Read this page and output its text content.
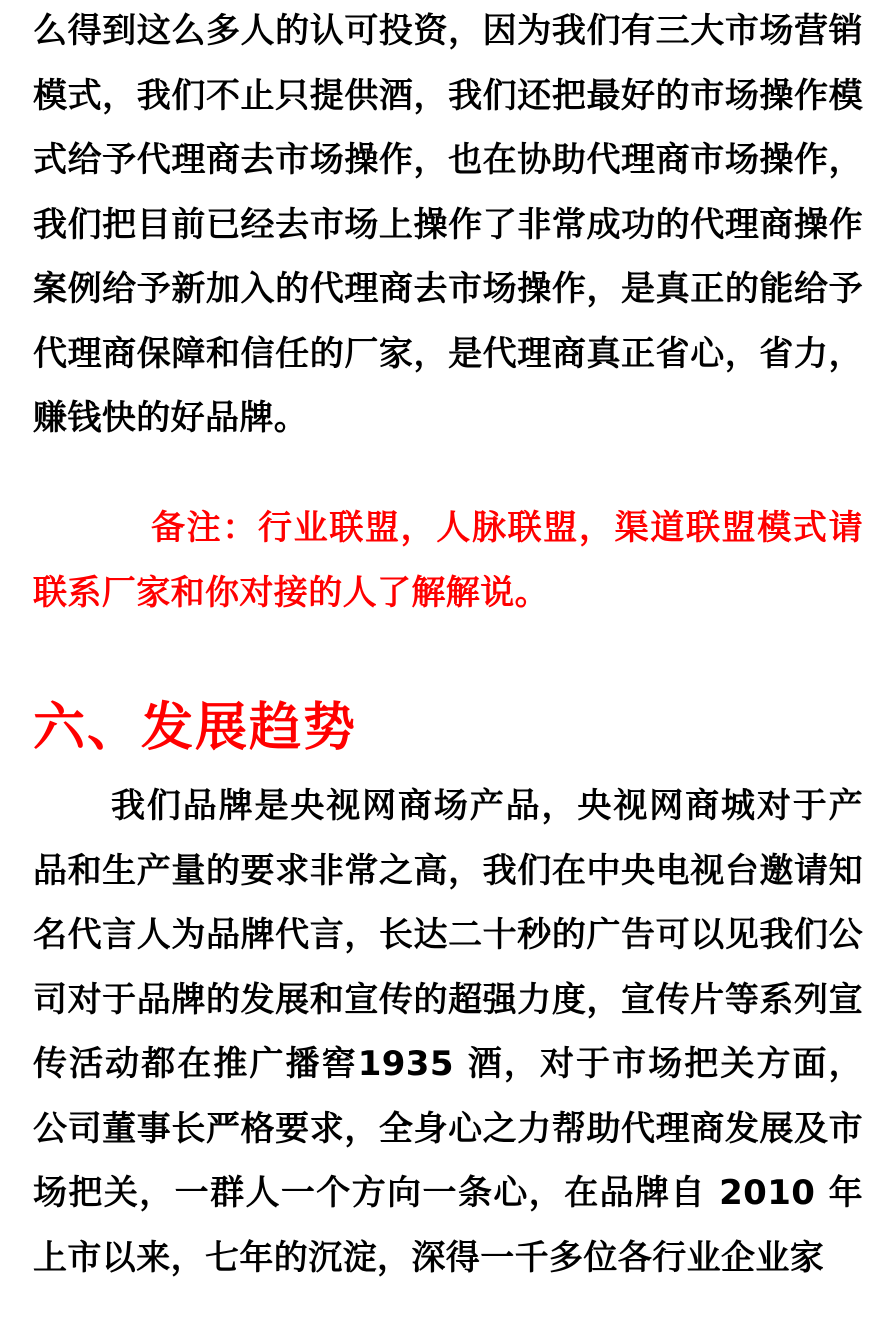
么得到这么多人的认可投资，因为我们有三大市场营销模式，我们不止只提供酒，我们还把最好的市场操作模式给予代理商去市场操作，也在协助代理商市场操作，我们把目前已经去市场上操作了非常成功的代理商操作案例给予新加入的代理商去市场操作，是真正的能给予代理商保障和信任的厂家，是代理商真正省心，省力，赚钱快的好品牌。

备注：行业联盟，人脉联盟，渠道联盟模式请联系厂家和你对接的人了解解说。

六、发展趋势

我们品牌是央视网商场产品，央视网商城对于产品和生产量的要求非常之高，我们在中央电视台邀请知名代言人为品牌代言，长达二十秒的广告可以见我们公司对于品牌的发展和宣传的超强力度，宣传片等系列宣传活动都在推广播窖1935 酒，对于市场把关方面，公司董事长严格要求，全身心之力帮助代理商发展及市场把关，一群人一个方向一条心，在品牌自 2010 年上市以来，七年的沉淀，深得一千多位各行业企业家
